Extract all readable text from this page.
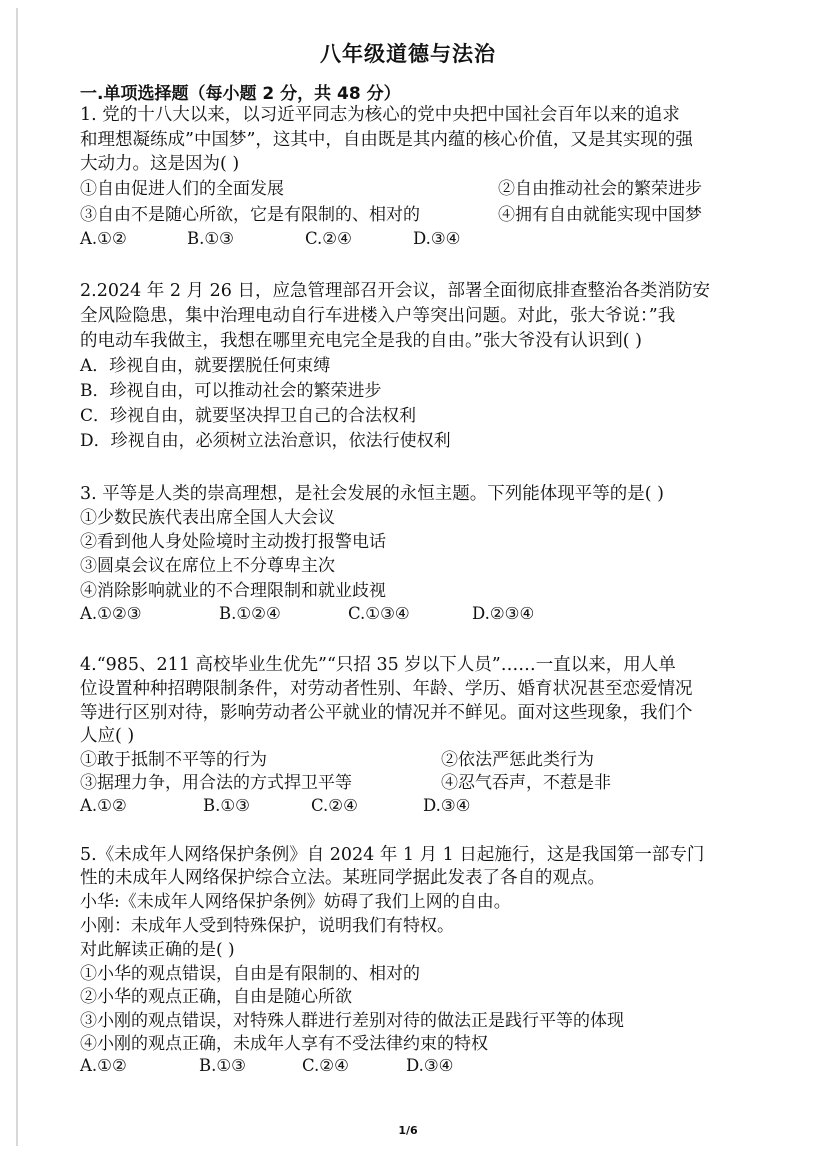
八年级道德与法治
一.单项选择题（每小题 2 分，共 48 分）
1. 党的十八大以来，以习近平同志为核心的党中央把中国社会百年以来的追求
和理想凝练成”中国梦”，这其中，自由既是其内蕴的核心价值，又是其实现的强
大动力。这是因为( )
①自由促进人们的全面发展	②自由推动社会的繁荣进步
③自由不是随心所欲，它是有限制的、相对的	④拥有自由就能实现中国梦
A.①②	B.①③	C.②④	D.③④
2.2024 年 2 月 26 日，应急管理部召开会议，部署全面彻底排查整治各类消防安
全风险隐患，集中治理电动自行车进楼入户等突出问题。对此，张大爷说：”我
的电动车我做主，我想在哪里充电完全是我的自由。”张大爷没有认识到( )
A．珍视自由，就要摆脱任何束缚
B．珍视自由，可以推动社会的繁荣进步
C．珍视自由，就要坚决捍卫自己的合法权利
D．珍视自由，必须树立法治意识，依法行使权利
3. 平等是人类的崇高理想，是社会发展的永恒主题。下列能体现平等的是( )
①少数民族代表出席全国人大会议
②看到他人身处险境时主动拨打报警电话
③圆桌会议在席位上不分尊卑主次
④消除影响就业的不合理限制和就业歧视
A.①②③	B.①②④	C.①③④	D.②③④
4.“985、211 高校毕业生优先”“只招 35 岁以下人员”……一直以来，用人单
位设置种种招聘限制条件，对劳动者性别、年龄、学历、婚育状况甚至恋爱情况
等进行区别对待，影响劳动者公平就业的情况并不鲜见。面对这些现象，我们个
人应( )
①敢于抵制不平等的行为	②依法严惩此类行为
③据理力争，用合法的方式捍卫平等	④忍气吞声，不惹是非
A.①②	B.①③	C.②④	D.③④
5.《未成年人网络保护条例》自 2024 年 1 月 1 日起施行，这是我国第一部专门
性的未成年人网络保护综合立法。某班同学据此发表了各自的观点。
小华:《未成年人网络保护条例》妨碍了我们上网的自由。
小刚：未成年人受到特殊保护，说明我们有特权。
对此解读正确的是( )
①小华的观点错误，自由是有限制的、相对的
②小华的观点正确，自由是随心所欲
③小刚的观点错误，对特殊人群进行差别对待的做法正是践行平等的体现
④小刚的观点正确，未成年人享有不受法律约束的特权
A.①②	B.①③	C.②④	D.③④
1/6
